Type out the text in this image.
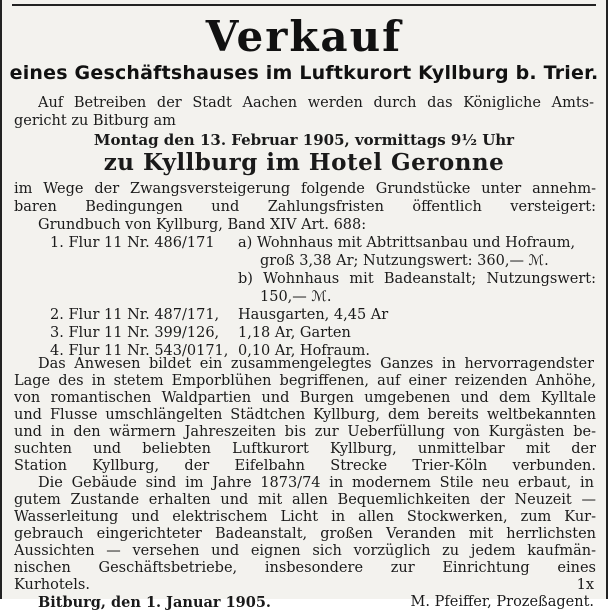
Verkauf
eines Geschäftshauses im Luftkurort Kyllburg b. Trier.
Auf Betreiben der Stadt Aachen werden durch das Königliche Amts-
gericht zu Bitburg am
Montag den 13. Februar 1905, vormittags 9½ Uhr
zu Kyllburg im Hotel Geronne
im Wege der Zwangsversteigerung folgende Grundstücke unter annehm-
baren Bedingungen und Zahlungsfristen öffentlich versteigert:
Grundbuch von Kyllburg, Band XIV Art. 688:
1. Flur 11 Nr. 486/171	a) Wohnhaus mit Abtrittsanbau und Hofraum,
groß 3,38 Ar; Nutzungswert: 360,— ℳ.
b) Wohnhaus mit Badeanstalt; Nutzungswert:
150,— ℳ.
2. Flur 11 Nr. 487/171,	Hausgarten, 4,45 Ar
3. Flur 11 Nr. 399/126,	1,18 Ar, Garten
4. Flur 11 Nr. 543/0171, 0,10 Ar, Hofraum.
Das Anwesen bildet ein zusammengelegtes Ganzes in hervorragendster
Lage des in stetem Emporblühen begriffenen, auf einer reizenden Anhöhe,
von romantischen Waldpartien und Burgen umgebenen und dem Kylltale
und Flusse umschlängelten Städtchen Kyllburg, dem bereits weltbekannten
und in den wärmern Jahreszeiten bis zur Ueberfüllung von Kurgästen be-
suchten und beliebten Luftkurort Kyllburg, unmittelbar mit der
Station Kyllburg, der Eifelbahn Strecke Trier-Köln verbunden.
Die Gebäude sind im Jahre 1873/74 in modernem Stile neu erbaut, in
gutem Zustande erhalten und mit allen Bequemlichkeiten der Neuzeit —
Wasserleitung und elektrischem Licht in allen Stockwerken, zum Kur-
gebrauch eingerichteter Badeanstalt, großen Veranden mit herrlichsten
Aussichten — versehen und eignen sich vorzüglich zu jedem kaufmän-
nischen Geschäftsbetriebe, insbesondere zur Einrichtung eines
Kurhotels.	1x
Bitburg, den 1. Januar 1905.	M. Pfeiffer, Prozeßagent.
